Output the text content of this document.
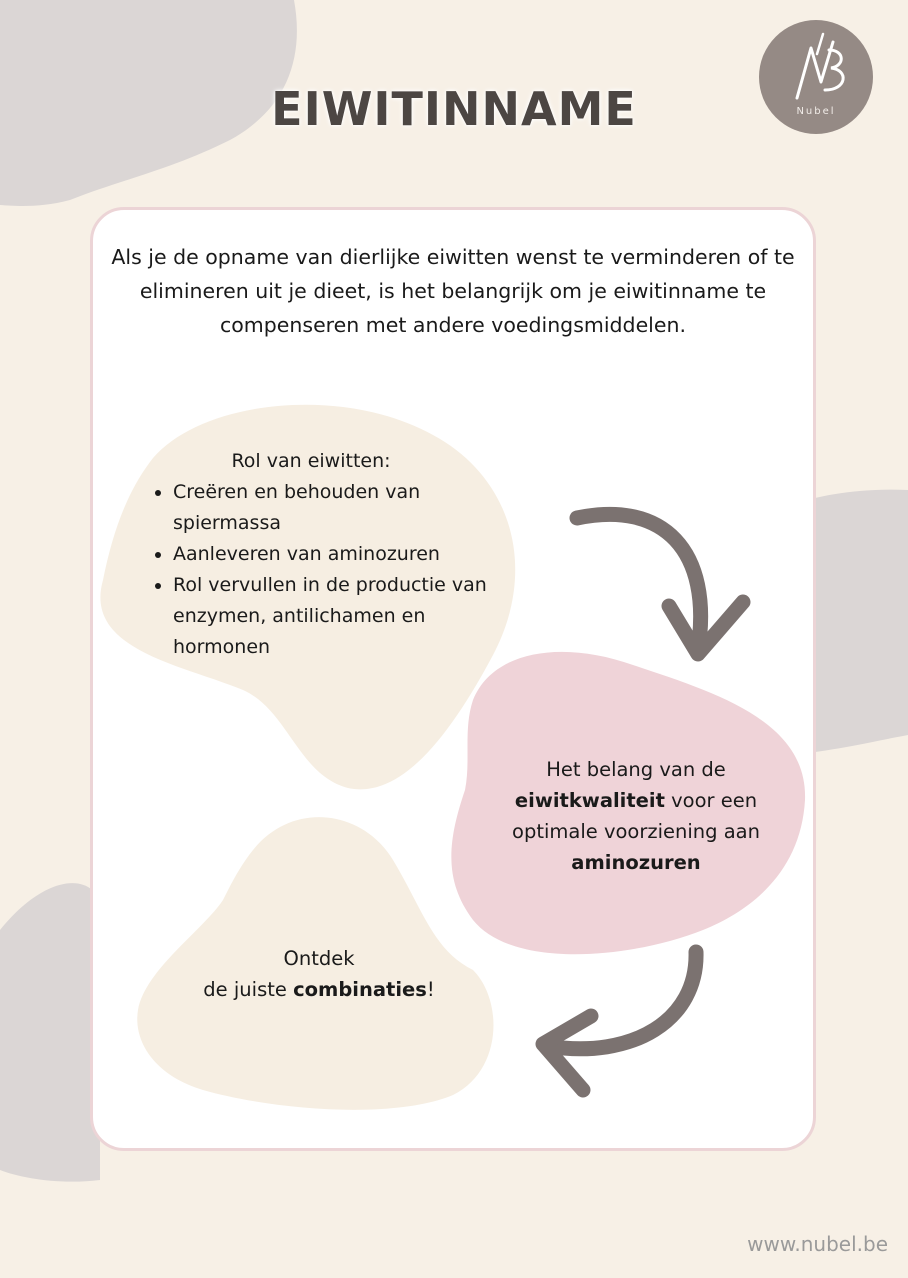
EIWITINNAME	Nubel
Als je de opname van dierlijke eiwitten wenst te verminderen of te elimineren uit je dieet, is het belangrijk om je eiwitinname te compenseren met andere voedingsmiddelen.
Rol van eiwitten:
• Creëren en behouden van spiermassa
• Aanleveren van aminozuren
• Rol vervullen in de productie van enzymen, antilichamen en hormonen
Het belang van de eiwitkwaliteit voor een optimale voorziening aan aminozuren
Ontdek
de juiste combinaties!
www.nubel.be
